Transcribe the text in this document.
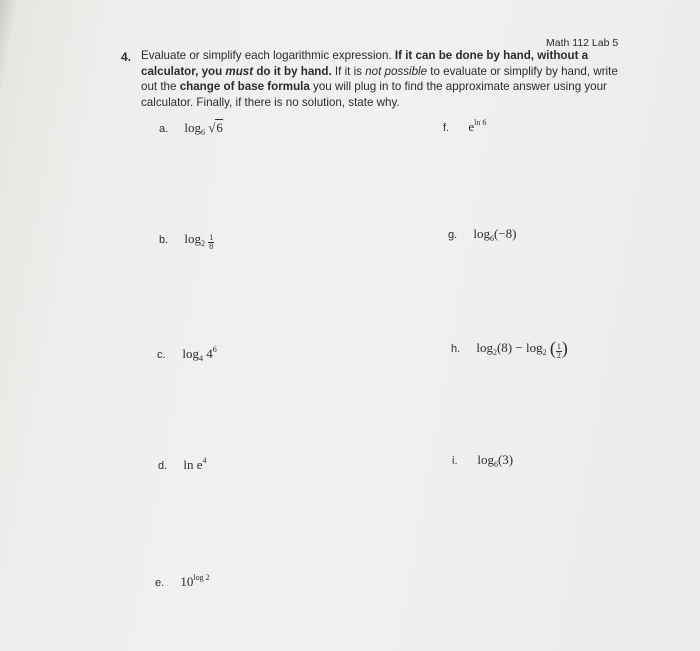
Math 112 Lab 5
4. Evaluate or simplify each logarithmic expression. If it can be done by hand, without a calculator, you must do it by hand. If it is not possible to evaluate or simplify by hand, write out the change of base formula you will plug in to find the approximate answer using your calculator. Finally, if there is no solution, state why.
a. $\log_6 √6$	f. $e^{ln 6}$
b. $\log_2 \frac{1}{8}$	g. $\log_6(-8)$
c. $\log_4 4^6$	h. $\log_2(8) - \log_2$ ( $\frac{1}{2}$ )
d. $\ln e^4$	i. $\log_6(3)$
e. $10^{log 2}$
